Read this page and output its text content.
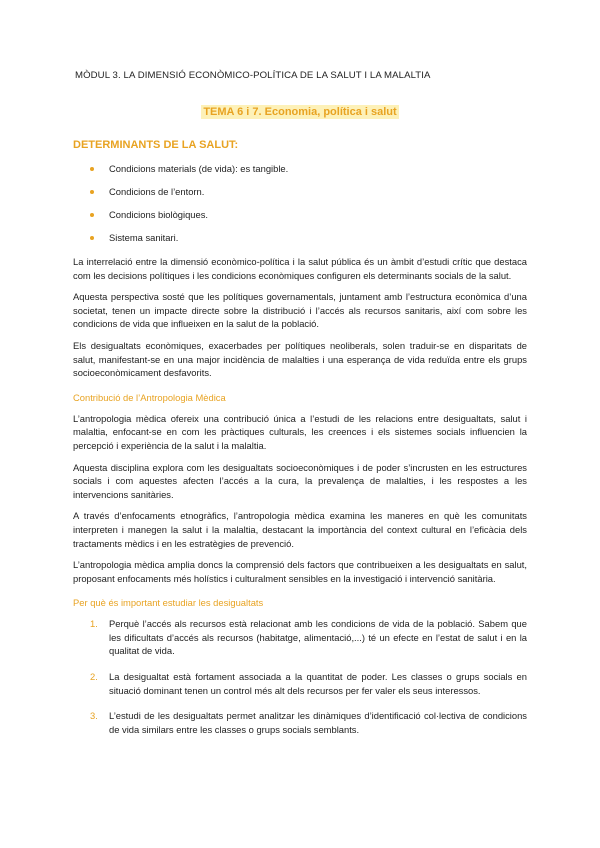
MÒDUL 3. LA DIMENSIÓ ECONÒMICO-POLÍTICA DE LA SALUT I LA MALALTIA
TEMA 6 i 7. Economia, política i salut
DETERMINANTS DE LA SALUT:
Condicions materials (de vida): es tangible.
Condicions de l’entorn.
Condicions biològiques.
Sistema sanitari.

La interrelació entre la dimensió econòmico-política i la salut pública és un àmbit d’estudi crític que destaca com les decisions polítiques i les condicions econòmiques configuren els determinants socials de la salut.

Aquesta perspectiva sosté que les polítiques governamentals, juntament amb l’estructura econòmica d’una societat, tenen un impacte directe sobre la distribució i l’accés als recursos sanitaris, així com sobre les condicions de vida que influeixen en la salut de la població.

Els desigualtats econòmiques, exacerbades per polítiques neoliberals, solen traduir-se en disparitats de salut, manifestant-se en una major incidència de malalties i una esperança de vida reduïda entre els grups socioeconòmicament desfavorits.

Contribució de l’Antropologia Mèdica

L’antropologia mèdica ofereix una contribució única a l’estudi de les relacions entre desigualtats, salut i malaltia, enfocant-se en com les pràctiques culturals, les creences i els sistemes socials influencien la percepció i experiència de la salut i la malaltia.

Aquesta disciplina explora com les desigualtats socioeconòmiques i de poder s’incrusten en les estructures socials i com aquestes afecten l’accés a la cura, la prevalença de malalties, i les respostes a les intervencions sanitàries.

A través d’enfocaments etnogràfics, l’antropologia mèdica examina les maneres en què les comunitats interpreten i manegen la salut i la malaltia, destacant la importància del context cultural en l’eficàcia dels tractaments mèdics i en les estratègies de prevenció.

L’antropologia mèdica amplia doncs la comprensió dels factors que contribueixen a les desigualtats en salut, proposant enfocaments més holístics i culturalment sensibles en la investigació i intervenció sanitària.

Per què és important estudiar les desigualtats
1. Perquè l’accés als recursos està relacionat amb les condicions de vida de la població. Sabem que les dificultats d’accés als recursos (habitatge, alimentació,...) té un efecte en l’estat de salut i en la qualitat de vida.
2. La desigualtat està fortament associada a la quantitat de poder. Les classes o grups socials en situació dominant tenen un control més alt dels recursos per fer valer els seus interessos.
3. L’estudi de les desigualtats permet analitzar les dinàmiques d’identificació col·lectiva de condicions de vida similars entre les classes o grups socials semblants.
